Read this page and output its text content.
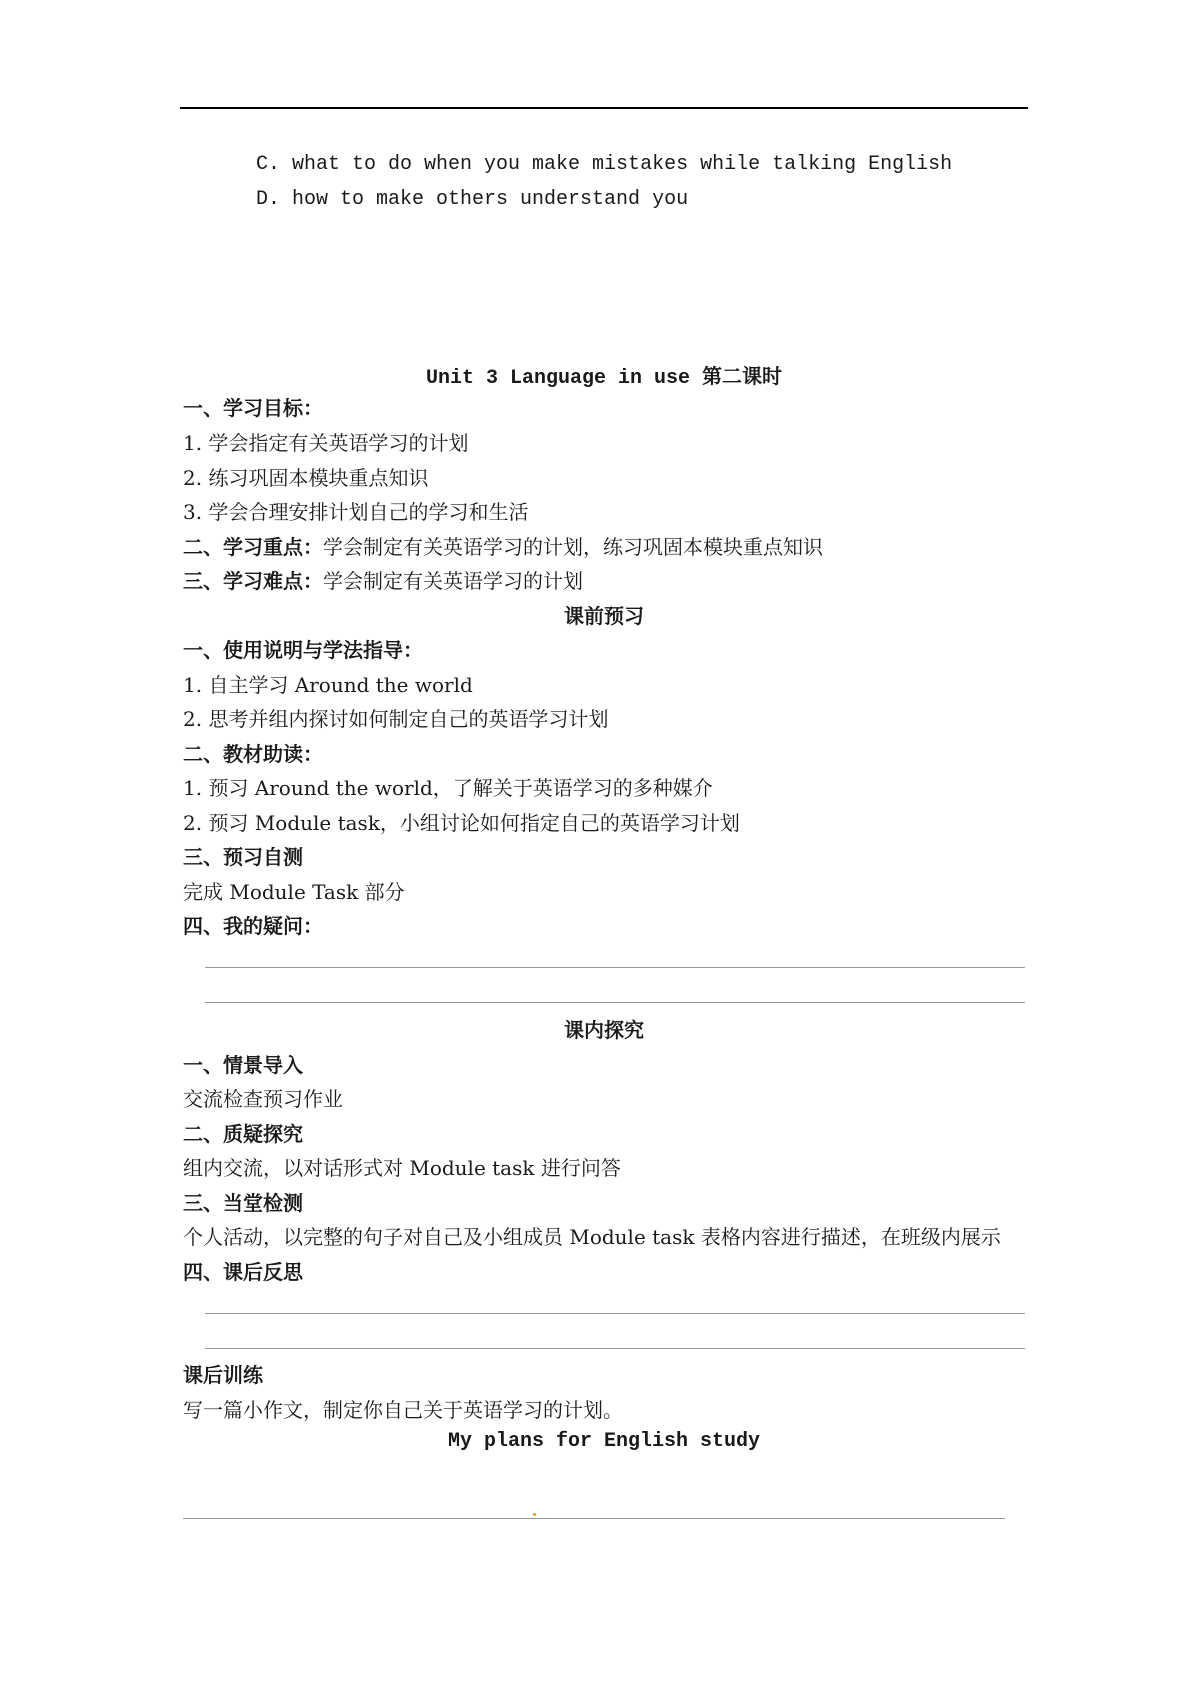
C. what to do when you make mistakes while talking English
D. how to make others understand you
Unit 3 Language in use 第二课时
一、学习目标：
1. 学会指定有关英语学习的计划
2. 练习巩固本模块重点知识
3. 学会合理安排计划自己的学习和生活
二、学习重点：学会制定有关英语学习的计划，练习巩固本模块重点知识
三、学习难点：学会制定有关英语学习的计划
课前预习
一、使用说明与学法指导：
1. 自主学习 Around the world
2. 思考并组内探讨如何制定自己的英语学习计划
二、教材助读：
1. 预习 Around the world，了解关于英语学习的多种媒介
2. 预习 Module task，小组讨论如何指定自己的英语学习计划
三、预习自测
完成 Module Task 部分
四、我的疑问：
课内探究
一、情景导入
交流检查预习作业
二、质疑探究
组内交流，以对话形式对 Module task 进行问答
三、当堂检测
个人活动，以完整的句子对自己及小组成员 Module task 表格内容进行描述，在班级内展示
四、课后反思
课后训练
写一篇小作文，制定你自己关于英语学习的计划。
My plans for English study
